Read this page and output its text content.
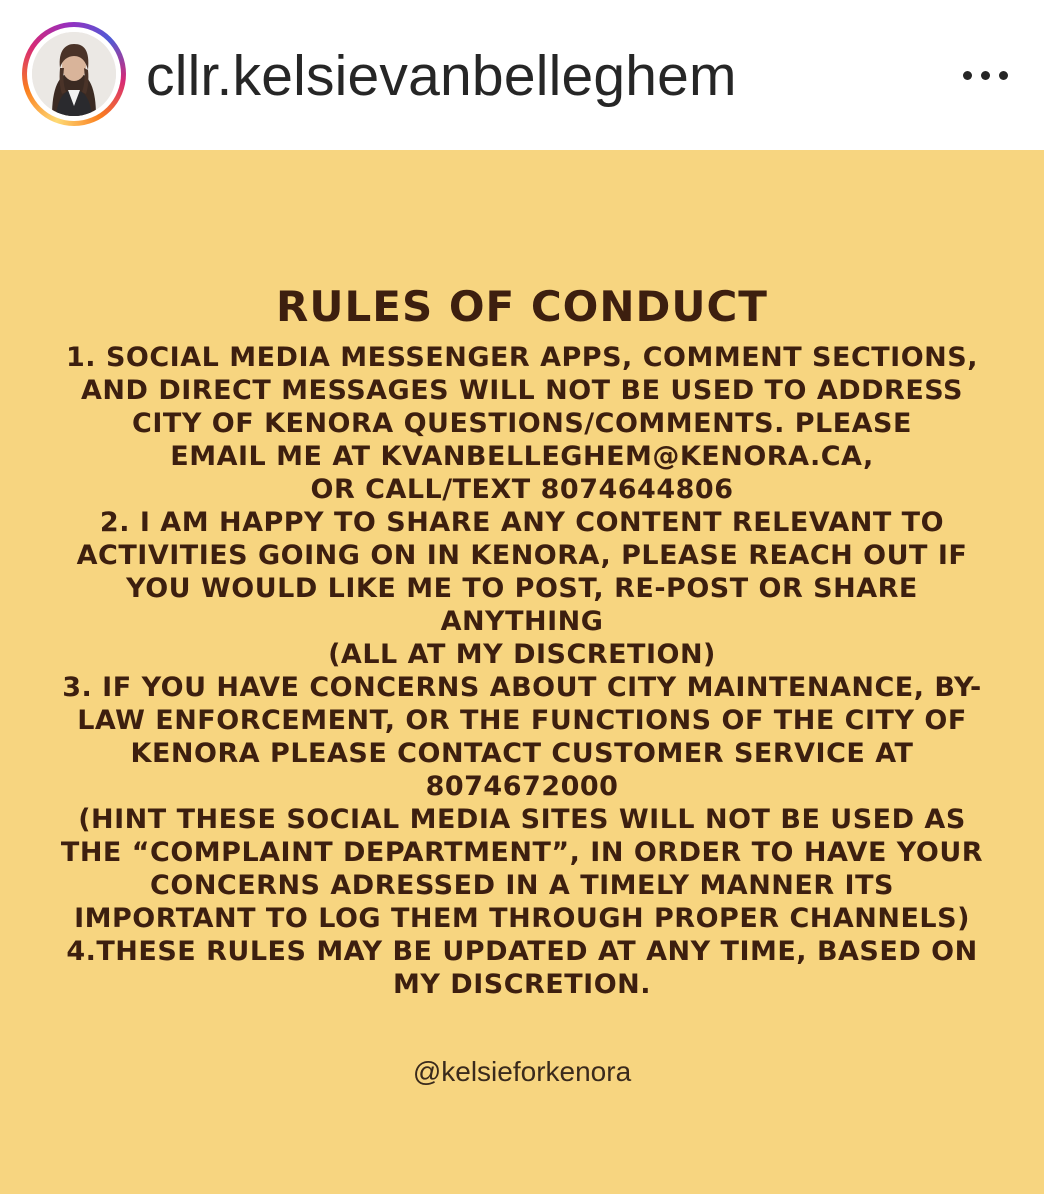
cllr.kelsievanbelleghem
RULES OF CONDUCT
1. SOCIAL MEDIA MESSENGER APPS, COMMENT SECTIONS,
AND DIRECT MESSAGES WILL NOT BE USED TO ADDRESS
CITY OF KENORA QUESTIONS/COMMENTS. PLEASE
EMAIL ME AT KVANBELLEGHEM@KENORA.CA,
OR CALL/TEXT 8074644806
2. I AM HAPPY TO SHARE ANY CONTENT RELEVANT TO
ACTIVITIES GOING ON IN KENORA, PLEASE REACH OUT IF
YOU WOULD LIKE ME TO POST, RE-POST OR SHARE
ANYTHING
(ALL AT MY DISCRETION)
3. IF YOU HAVE CONCERNS ABOUT CITY MAINTENANCE, BY-
LAW ENFORCEMENT, OR THE FUNCTIONS OF THE CITY OF
KENORA PLEASE CONTACT CUSTOMER SERVICE AT
8074672000
(HINT THESE SOCIAL MEDIA SITES WILL NOT BE USED AS
THE “COMPLAINT DEPARTMENT”, IN ORDER TO HAVE YOUR
CONCERNS ADRESSED IN A TIMELY MANNER ITS
IMPORTANT TO LOG THEM THROUGH PROPER CHANNELS)
4.THESE RULES MAY BE UPDATED AT ANY TIME, BASED ON
MY DISCRETION.
@kelsieforkenora
